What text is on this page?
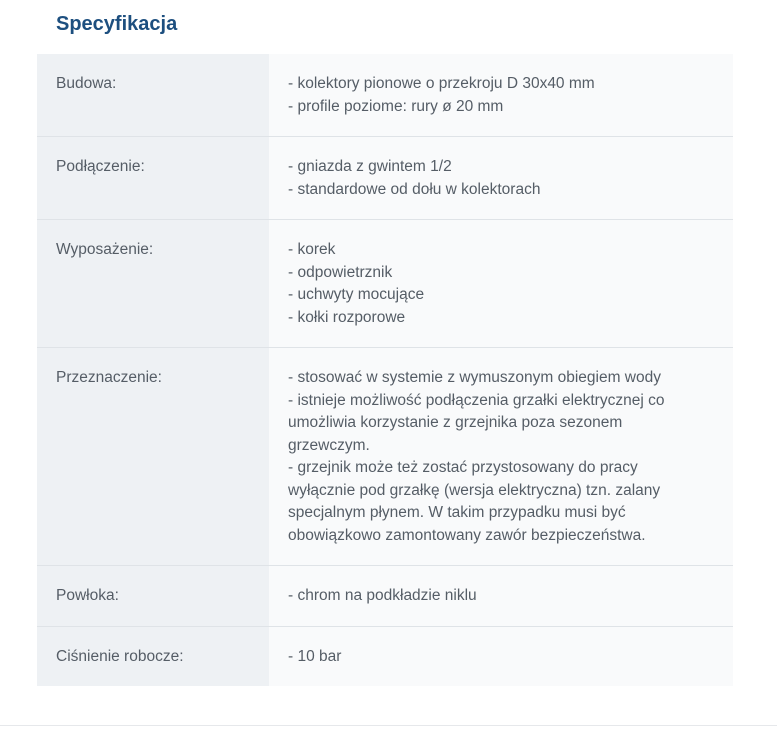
Specyfikacja
Budowa:	- kolektory pionowe o przekroju D 30x40 mm
- profile poziome: rury ø 20 mm
Podłączenie:	- gniazda z gwintem 1/2
- standardowe od dołu w kolektorach
Wyposażenie:	- korek
- odpowietrznik
- uchwyty mocujące
- kołki rozporowe
Przeznaczenie:	- stosować w systemie z wymuszonym obiegiem wody
- istnieje możliwość podłączenia grzałki elektrycznej co umożliwia korzystanie z grzejnika poza sezonem grzewczym.
- grzejnik może też zostać przystosowany do pracy wyłącznie pod grzałkę (wersja elektryczna) tzn. zalany specjalnym płynem. W takim przypadku musi być obowiązkowo zamontowany zawór bezpieczeństwa.
Powłoka:	- chrom na podkładzie niklu
Ciśnienie robocze:	- 10 bar
